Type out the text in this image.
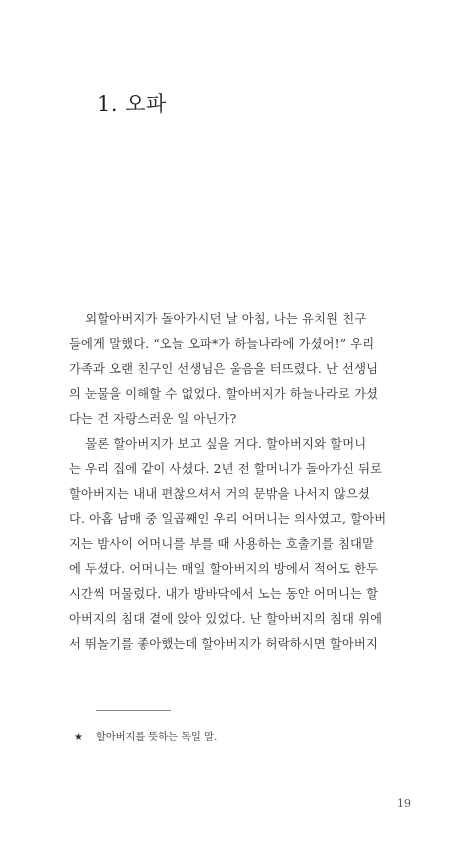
1. 오파
외할아버지가 돌아가시던 날 아침, 나는 유치원 친구
들에게 말했다. “오늘 오파*가 하늘나라에 가셨어!” 우리
가족과 오랜 친구인 선생님은 울음을 터뜨렸다. 난 선생님
의 눈물을 이해할 수 없었다. 할아버지가 하늘나라로 가셨
다는 건 자랑스러운 일 아닌가?
물론 할아버지가 보고 싶을 거다. 할아버지와 할머니
는 우리 집에 같이 사셨다. 2년 전 할머니가 돌아가신 뒤로
할아버지는 내내 편찮으셔서 거의 문밖을 나서지 않으셨
다. 아홉 남매 중 일곱째인 우리 어머니는 의사였고, 할아버
지는 밤사이 어머니를 부를 때 사용하는 호출기를 침대맡
에 두셨다. 어머니는 매일 할아버지의 방에서 적어도 한두
시간씩 머물렀다. 내가 방바닥에서 노는 동안 어머니는 할
아버지의 침대 곁에 앉아 있었다. 난 할아버지의 침대 위에
서 뛰놀기를 좋아했는데 할아버지가 허락하시면 할아버지
★ 할아버지를 뜻하는 독일 말.
19
